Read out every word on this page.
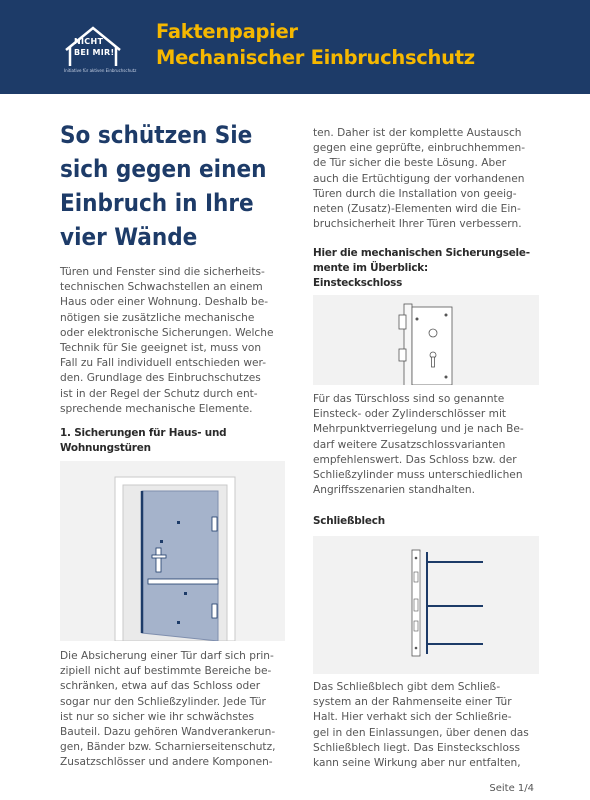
NICHT
BEI MIR!
Initiative für aktiven Einbruchschutz
Faktenpapier
Mechanischer Einbruchschutz
So schützen Sie
sich gegen einen
Einbruch in Ihre
vier Wände
Türen und Fenster sind die sicherheits-
technischen Schwachstellen an einem
Haus oder einer Wohnung. Deshalb be-
nötigen sie zusätzliche mechanische
oder elektronische Sicherungen. Welche
Technik für Sie geeignet ist, muss von
Fall zu Fall individuell entschieden wer-
den. Grundlage des Einbruchschutzes
ist in der Regel der Schutz durch ent-
sprechende mechanische Elemente.
1. Sicherungen für Haus- und
Wohnungstüren
Die Absicherung einer Tür darf sich prin-
zipiell nicht auf bestimmte Bereiche be-
schränken, etwa auf das Schloss oder
sogar nur den Schließzylinder. Jede Tür
ist nur so sicher wie ihr schwächstes
Bauteil. Dazu gehören Wandverankerun-
gen, Bänder bzw. Scharnierseitenschutz,
Zusatzschlösser und andere Komponen-
ten. Daher ist der komplette Austausch
gegen eine geprüfte, einbruchhemmen-
de Tür sicher die beste Lösung. Aber
auch die Ertüchtigung der vorhandenen
Türen durch die Installation von geeig-
neten (Zusatz)-Elementen wird die Ein-
bruchsicherheit Ihrer Türen verbessern.
Hier die mechanischen Sicherungsele-
mente im Überblick:
Einsteckschloss
Für das Türschloss sind so genannte
Einsteck- oder Zylinderschlösser mit
Mehrpunktverriegelung und je nach Be-
darf weitere Zusatzschlossvarianten
empfehlenswert. Das Schloss bzw. der
Schließzylinder muss unterschiedlichen
Angriffsszenarien standhalten.
Schließblech
Das Schließblech gibt dem Schließ-
system an der Rahmenseite einer Tür
Halt. Hier verhakt sich der Schließrie-
gel in den Einlassungen, über denen das
Schließblech liegt. Das Einsteckschloss
kann seine Wirkung aber nur entfalten,
Seite 1/4
